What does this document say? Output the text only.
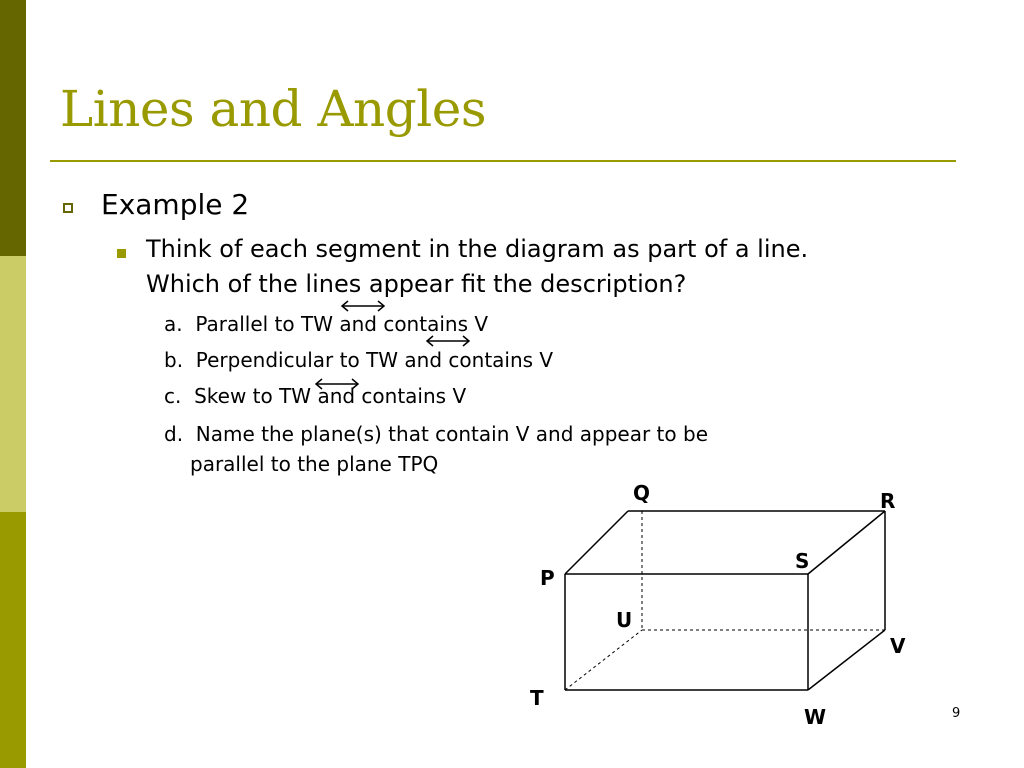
Lines and Angles
Example 2
Think of each segment in the diagram as part of a line.
Which of the lines appear fit the description?
a.  Parallel to TW and contains V
b.  Perpendicular to TW and contains V
c.  Skew to TW and contains V
d.  Name the plane(s) that contain V and appear to be
parallel to the plane TPQ
Q	R
S
P
U
V
T
W	9
